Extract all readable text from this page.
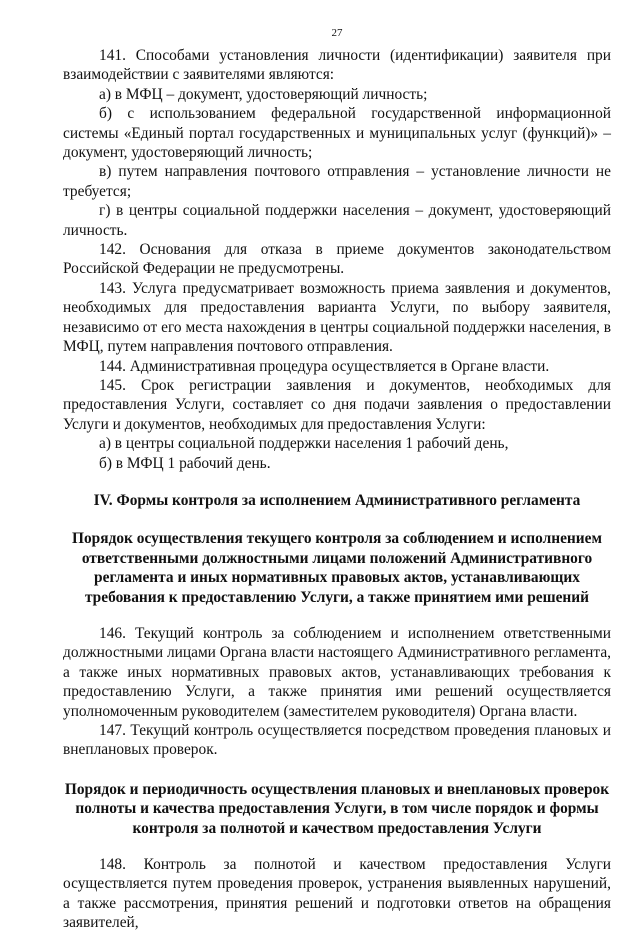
27

141. Способами установления личности (идентификации) заявителя при взаимодействии с заявителями являются:

а) в МФЦ – документ, удостоверяющий личность;

б) с использованием федеральной государственной информационной системы «Единый портал государственных и муниципальных услуг (функций)» – документ, удостоверяющий личность;

в) путем направления почтового отправления – установление личности не требуется;

г) в центры социальной поддержки населения – документ, удостоверяющий личность.

142. Основания для отказа в приеме документов законодательством Российской Федерации не предусмотрены.

143. Услуга предусматривает возможность приема заявления и документов, необходимых для предоставления варианта Услуги, по выбору заявителя, независимо от его места нахождения в центры социальной поддержки населения, в МФЦ, путем направления почтового отправления.

144. Административная процедура осуществляется в Органе власти.

145. Срок регистрации заявления и документов, необходимых для предоставления Услуги, составляет со дня подачи заявления о предоставлении Услуги и документов, необходимых для предоставления Услуги:

а) в центры социальной поддержки населения 1 рабочий день,

б) в МФЦ 1 рабочий день.

IV. Формы контроля за исполнением Административного регламента
Порядок осуществления текущего контроля за соблюдением и исполнением ответственными должностными лицами положений Административного регламента и иных нормативных правовых актов, устанавливающих требования к предоставлению Услуги, а также принятием ими решений

146. Текущий контроль за соблюдением и исполнением ответственными должностными лицами Органа власти настоящего Административного регламента, а также иных нормативных правовых актов, устанавливающих требования к предоставлению Услуги, а также принятия ими решений осуществляется уполномоченным руководителем (заместителем руководителя) Органа власти.

147. Текущий контроль осуществляется посредством проведения плановых и внеплановых проверок.

Порядок и периодичность осуществления плановых и внеплановых проверок полноты и качества предоставления Услуги, в том числе порядок и формы контроля за полнотой и качеством предоставления Услуги

148. Контроль за полнотой и качеством предоставления Услуги осуществляется путем проведения проверок, устранения выявленных нарушений, а также рассмотрения, принятия решений и подготовки ответов на обращения заявителей,
